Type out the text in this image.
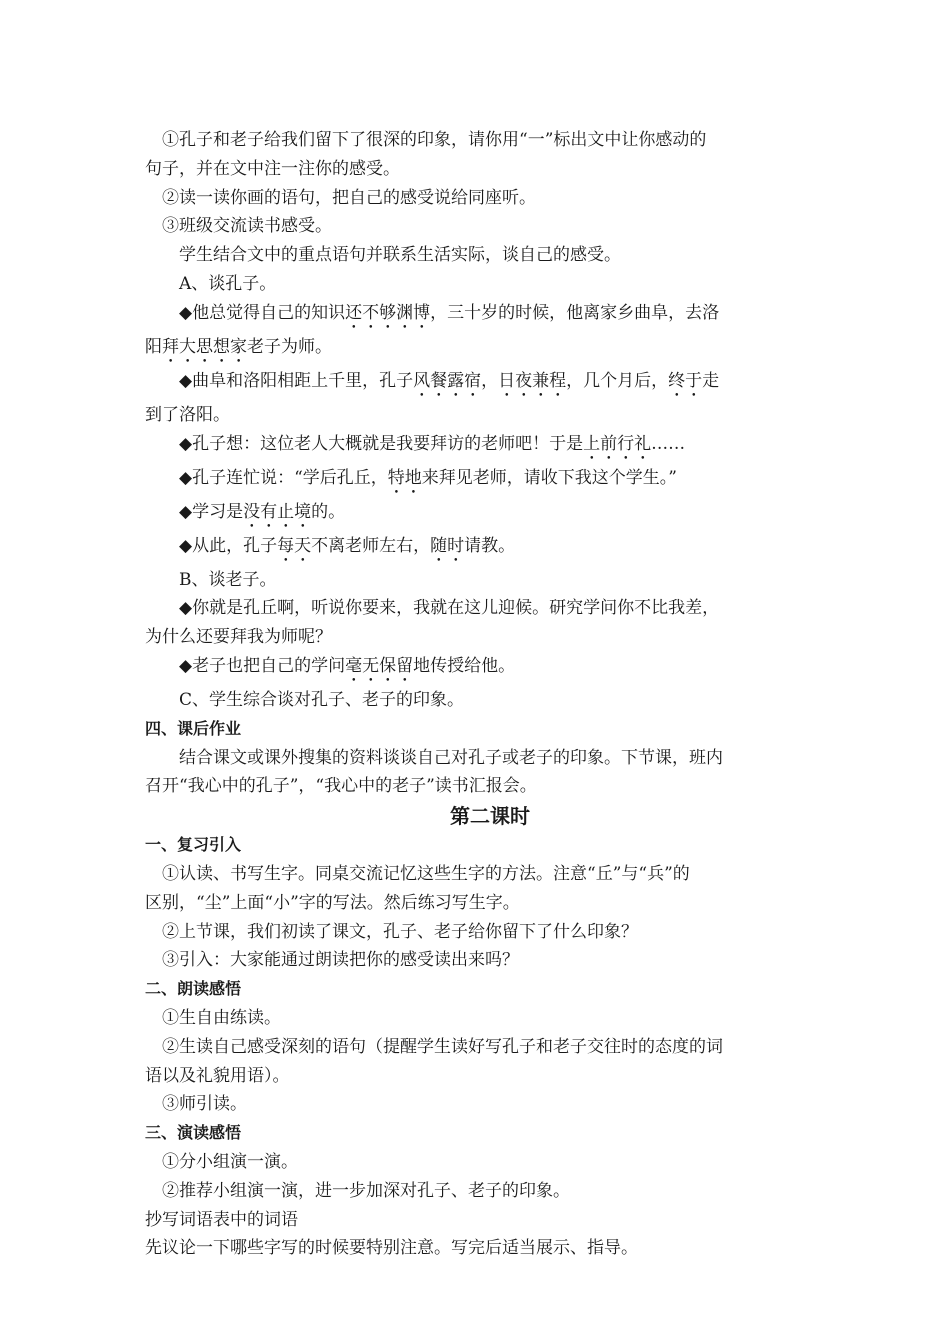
①孔子和老子给我们留下了很深的印象，请你用“一”标出文中让你感动的
句子，并在文中注一注你的感受。
②读一读你画的语句，把自己的感受说给同座听。
③班级交流读书感受。
学生结合文中的重点语句并联系生活实际，谈自己的感受。
A、谈孔子。
◆他总觉得自己的知识还不够渊博，三十岁的时候，他离家乡曲阜，去洛
阳拜大思想家老子为师。
◆曲阜和洛阳相距上千里，孔子风餐露宿，日夜兼程，几个月后，终于走
到了洛阳。
◆孔子想：这位老人大概就是我要拜访的老师吧！于是上前行礼……
◆孔子连忙说：“学后孔丘，特地来拜见老师，请收下我这个学生。”
◆学习是没有止境的。
◆从此，孔子每天不离老师左右，随时请教。
B、谈老子。
◆你就是孔丘啊，听说你要来，我就在这儿迎候。研究学问你不比我差，
为什么还要拜我为师呢？
◆老子也把自己的学问毫无保留地传授给他。
C、学生综合谈对孔子、老子的印象。
四、课后作业
结合课文或课外搜集的资料谈谈自己对孔子或老子的印象。下节课，班内
召开“我心中的孔子”，“我心中的老子”读书汇报会。
第二课时
一、复习引入
①认读、书写生字。同桌交流记忆这些生字的方法。注意“丘”与“兵”的
区别，“尘”上面“小”字的写法。然后练习写生字。
②上节课，我们初读了课文，孔子、老子给你留下了什么印象？
③引入：大家能通过朗读把你的感受读出来吗？
二、朗读感悟
①生自由练读。
②生读自己感受深刻的语句（提醒学生读好写孔子和老子交往时的态度的词
语以及礼貌用语）。
③师引读。
三、演读感悟
①分小组演一演。
②推荐小组演一演，进一步加深对孔子、老子的印象。
抄写词语表中的词语
先议论一下哪些字写的时候要特别注意。写完后适当展示、指导。
